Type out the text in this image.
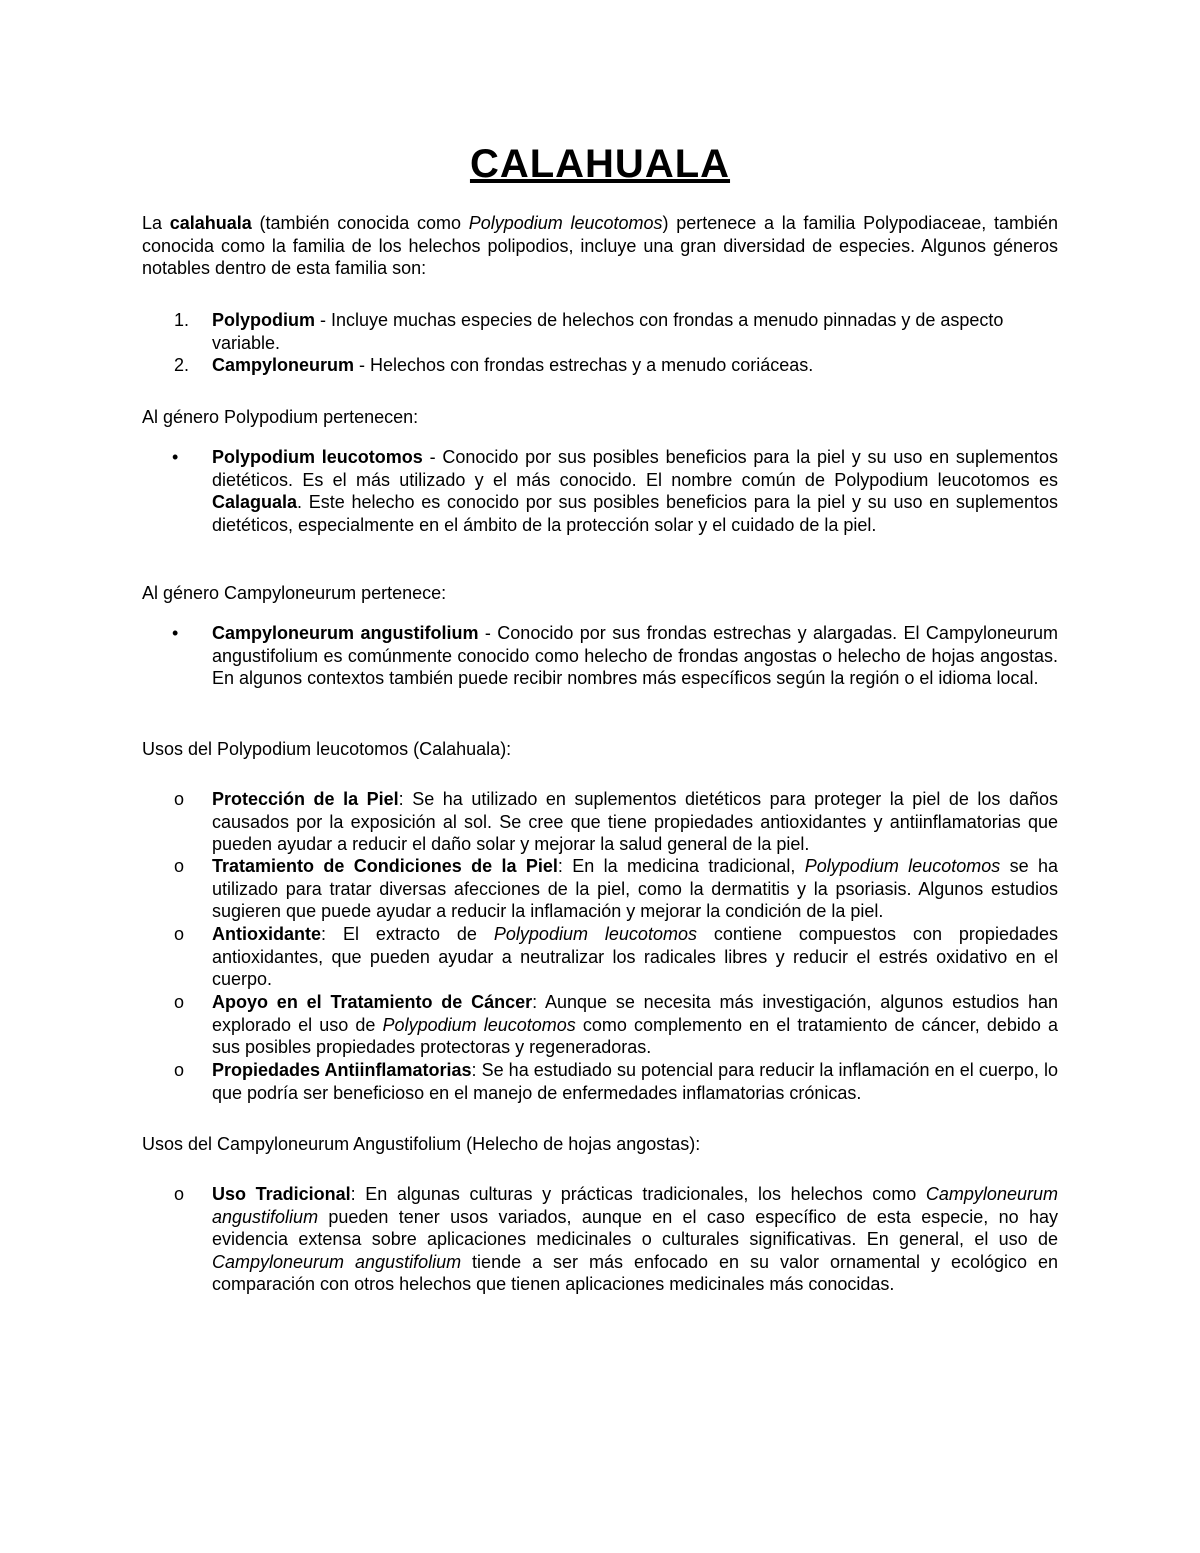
CALAHUALA
La calahuala (también conocida como Polypodium leucotomos) pertenece a la familia Polypodiaceae, también conocida como la familia de los helechos polipodios, incluye una gran diversidad de especies. Algunos géneros notables dentro de esta familia son:
1.	Polypodium - Incluye muchas especies de helechos con frondas a menudo pinnadas y de aspecto variable.
2.	Campyloneurum - Helechos con frondas estrechas y a menudo coriáceas.
Al género Polypodium pertenecen:
•	Polypodium leucotomos - Conocido por sus posibles beneficios para la piel y su uso en suplementos dietéticos. Es el más utilizado y el más conocido. El nombre común de Polypodium leucotomos es Calaguala. Este helecho es conocido por sus posibles beneficios para la piel y su uso en suplementos dietéticos, especialmente en el ámbito de la protección solar y el cuidado de la piel.
Al género Campyloneurum pertenece:
•	Campyloneurum angustifolium - Conocido por sus frondas estrechas y alargadas. El Campyloneurum angustifolium es comúnmente conocido como helecho de frondas angostas o helecho de hojas angostas. En algunos contextos también puede recibir nombres más específicos según la región o el idioma local.
Usos del Polypodium leucotomos (Calahuala):
o	Protección de la Piel: Se ha utilizado en suplementos dietéticos para proteger la piel de los daños causados por la exposición al sol. Se cree que tiene propiedades antioxidantes y antiinflamatorias que pueden ayudar a reducir el daño solar y mejorar la salud general de la piel.
o	Tratamiento de Condiciones de la Piel: En la medicina tradicional, Polypodium leucotomos se ha utilizado para tratar diversas afecciones de la piel, como la dermatitis y la psoriasis. Algunos estudios sugieren que puede ayudar a reducir la inflamación y mejorar la condición de la piel.
o	Antioxidante: El extracto de Polypodium leucotomos contiene compuestos con propiedades antioxidantes, que pueden ayudar a neutralizar los radicales libres y reducir el estrés oxidativo en el cuerpo.
o	Apoyo en el Tratamiento de Cáncer: Aunque se necesita más investigación, algunos estudios han explorado el uso de Polypodium leucotomos como complemento en el tratamiento de cáncer, debido a sus posibles propiedades protectoras y regeneradoras.
o	Propiedades Antiinflamatorias: Se ha estudiado su potencial para reducir la inflamación en el cuerpo, lo que podría ser beneficioso en el manejo de enfermedades inflamatorias crónicas.
Usos del Campyloneurum Angustifolium (Helecho de hojas angostas):
o	Uso Tradicional: En algunas culturas y prácticas tradicionales, los helechos como Campyloneurum angustifolium pueden tener usos variados, aunque en el caso específico de esta especie, no hay evidencia extensa sobre aplicaciones medicinales o culturales significativas. En general, el uso de Campyloneurum angustifolium tiende a ser más enfocado en su valor ornamental y ecológico en comparación con otros helechos que tienen aplicaciones medicinales más conocidas.
